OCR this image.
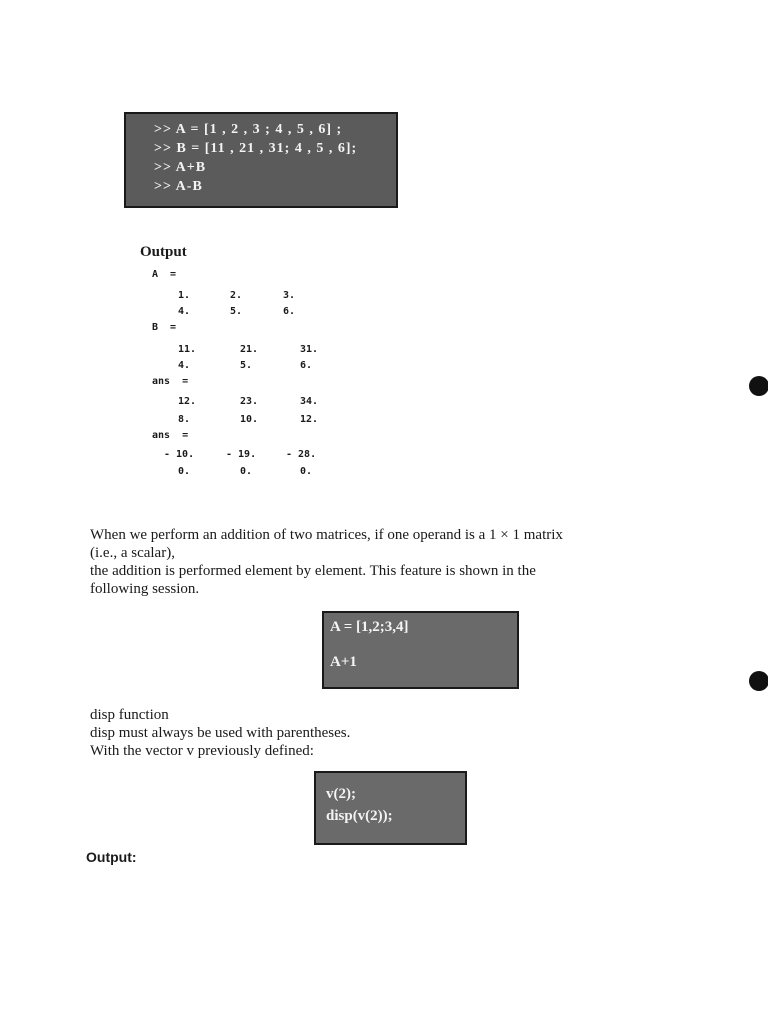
>> A = [1 , 2 , 3 ; 4 , 5 , 6] ;
>> B = [11 , 21 , 31; 4 , 5 , 6];
>> A+B
>> A-B
Output
A  =
1.	2.	3.
4.	5.	6.
B  =
11.	21.	31.
4.	5.	6.
ans  =
12.	23.	34.
8.	10.	12.
ans  =
- 10.	- 19.	- 28.
0.	0.	0.
When we perform an addition of two matrices, if one operand is a 1 × 1 matrix
(i.e., a scalar),
the addition is performed element by element. This feature is shown in the
following session.
A = [1,2;3,4]
A+1
disp function
disp must always be used with parentheses.
With the vector v previously defined:
v(2);
disp(v(2));
Output:
